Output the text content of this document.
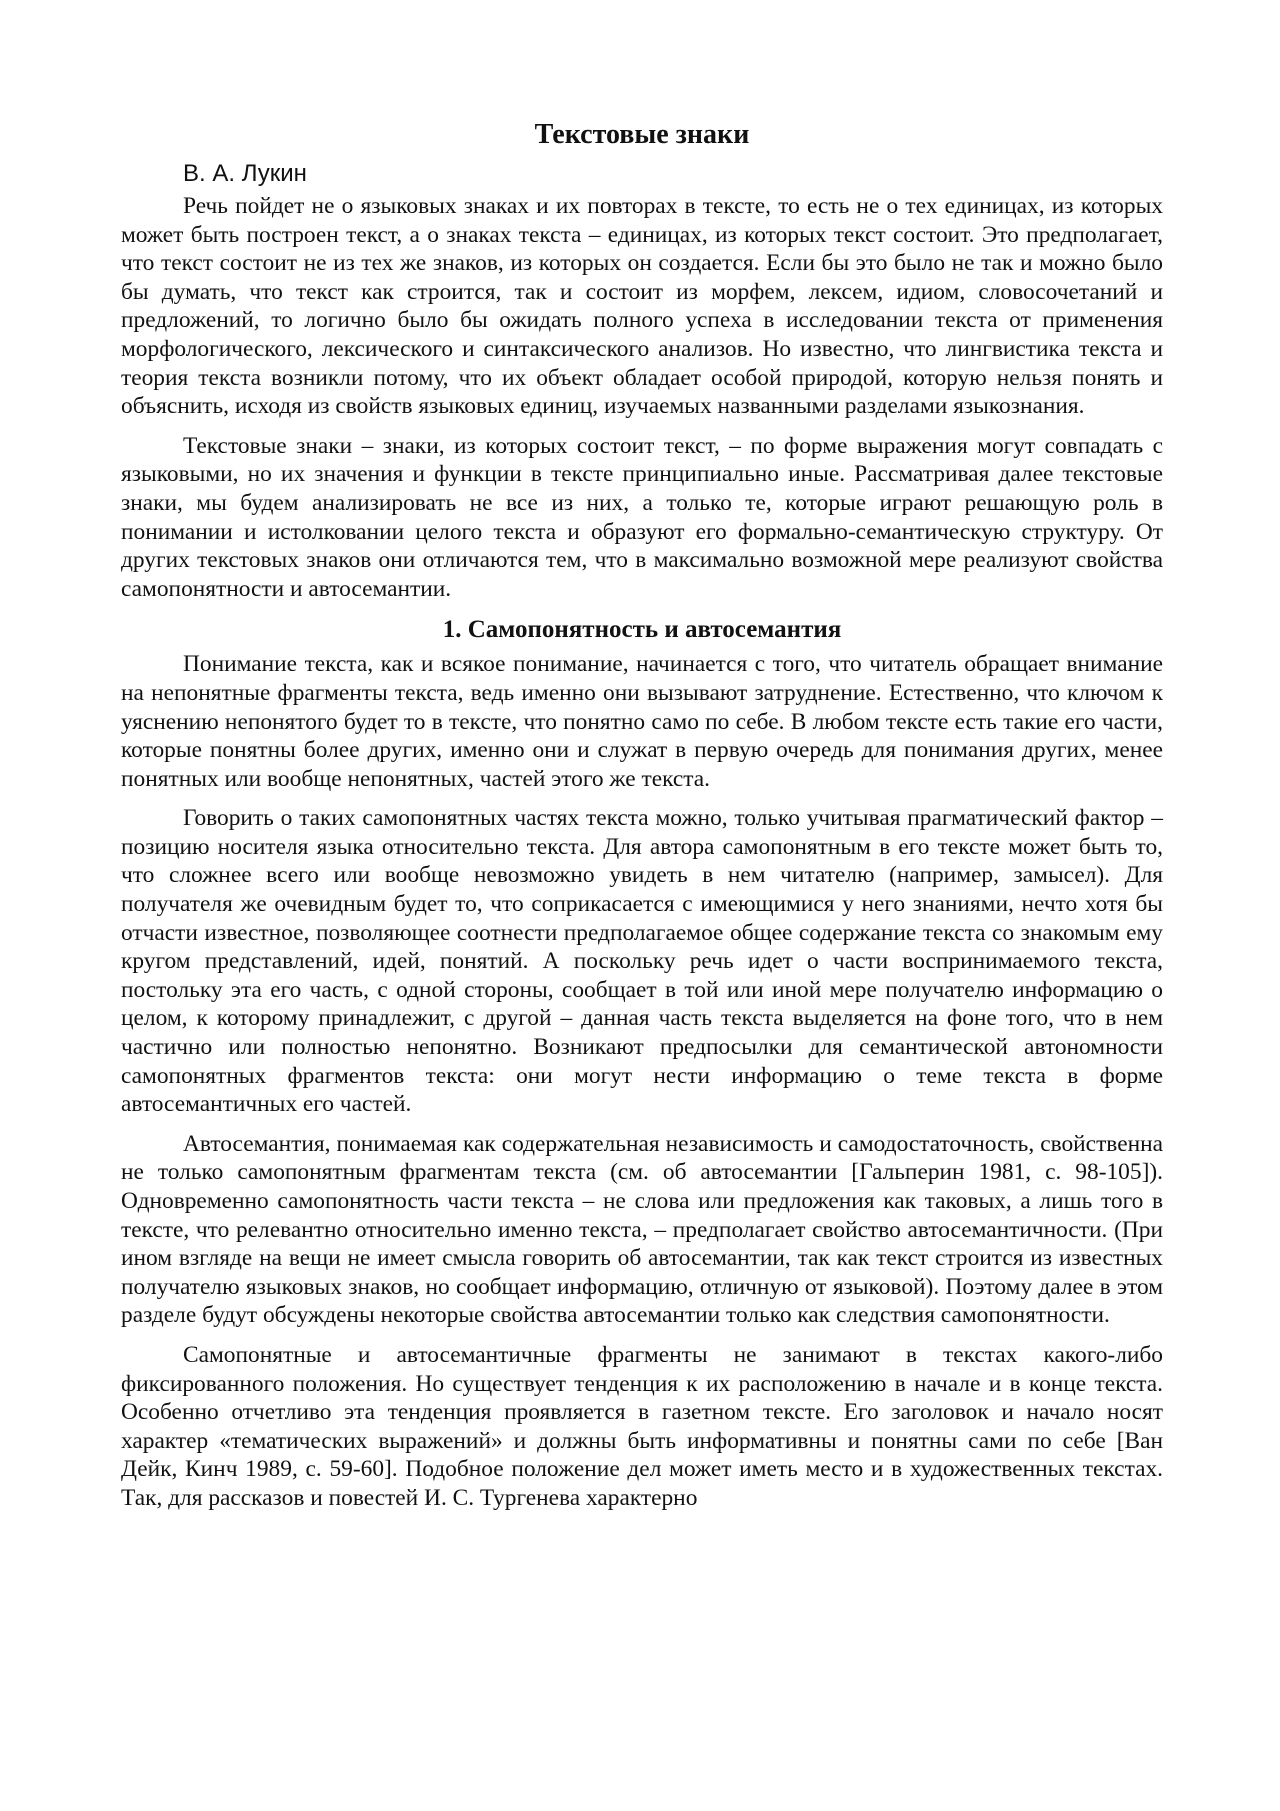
Текстовые знаки
В. А. Лукин

Речь пойдет не о языковых знаках и их повторах в тексте, то есть не о тех единицах, из которых может быть построен текст, а о знаках текста – единицах, из которых текст состоит. Это предполагает, что текст состоит не из тех же знаков, из которых он создается. Если бы это было не так и можно было бы думать, что текст как строится, так и состоит из морфем, лексем, идиом, словосочетаний и предложений, то логично было бы ожидать полного успеха в исследовании текста от применения морфологического, лексического и синтаксического анализов. Но известно, что лингвистика текста и теория текста возникли потому, что их объект обладает особой природой, которую нельзя понять и объяснить, исходя из свойств языковых единиц, изучаемых названными разделами языкознания.

Текстовые знаки – знаки, из которых состоит текст, – по форме выражения могут совпадать с языковыми, но их значения и функции в тексте принципиально иные. Рассматривая далее текстовые знаки, мы будем анализировать не все из них, а только те, которые играют решающую роль в понимании и истолковании целого текста и образуют его формально-семантическую структуру. От других текстовых знаков они отличаются тем, что в максимально возможной мере реализуют свойства самопонятности и автосемантии.

1. Самопонятность и автосемантия

Понимание текста, как и всякое понимание, начинается с того, что читатель обращает внимание на непонятные фрагменты текста, ведь именно они вызывают затруднение. Естественно, что ключом к уяснению непонятого будет то в тексте, что понятно само по себе. В любом тексте есть такие его части, которые понятны более других, именно они и служат в первую очередь для понимания других, менее понятных или вообще непонятных, частей этого же текста.

Говорить о таких самопонятных частях текста можно, только учитывая прагматический фактор – позицию носителя языка относительно текста. Для автора самопонятным в его тексте может быть то, что сложнее всего или вообще невозможно увидеть в нем читателю (например, замысел). Для получателя же очевидным будет то, что соприкасается с имеющимися у него знаниями, нечто хотя бы отчасти известное, позволяющее соотнести предполагаемое общее содержание текста со знакомым ему кругом представлений, идей, понятий. А поскольку речь идет о части воспринимаемого текста, постольку эта его часть, с одной стороны, сообщает в той или иной мере получателю информацию о целом, к которому принадлежит, с другой – данная часть текста выделяется на фоне того, что в нем частично или полностью непонятно. Возникают предпосылки для семантической автономности самопонятных фрагментов текста: они могут нести информацию о теме текста в форме автосемантичных его частей.

Автосемантия, понимаемая как содержательная независимость и самодостаточность, свойственна не только самопонятным фрагментам текста (см. об автосемантии [Гальперин 1981, с. 98-105]). Одновременно самопонятность части текста – не слова или предложения как таковых, а лишь того в тексте, что релевантно относительно именно текста, – предполагает свойство автосемантичности. (При ином взгляде на вещи не имеет смысла говорить об автосемантии, так как текст строится из известных получателю языковых знаков, но сообщает информацию, отличную от языковой). Поэтому далее в этом разделе будут обсуждены некоторые свойства автосемантии только как следствия самопонятности.

Самопонятные и автосемантичные фрагменты не занимают в текстах какого-либо фиксированного положения. Но существует тенденция к их расположению в начале и в конце текста. Особенно отчетливо эта тенденция проявляется в газетном тексте. Его заголовок и начало носят характер «тематических выражений» и должны быть информативны и понятны сами по себе [Ван Дейк, Кинч 1989, с. 59-60]. Подобное положение дел может иметь место и в художественных текстах. Так, для рассказов и повестей И. С. Тургенева характерно
